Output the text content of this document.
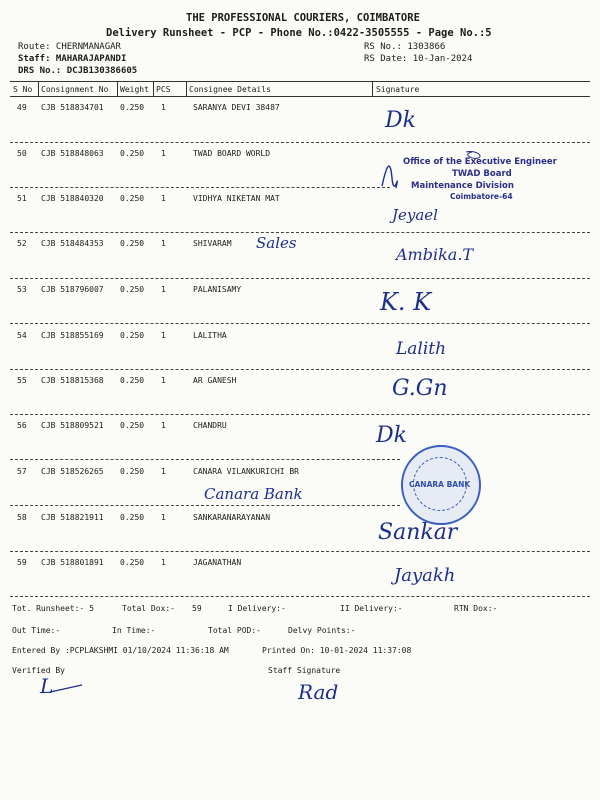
THE PROFESSIONAL COURIERS, COIMBATORE
Delivery Runsheet - PCP - Phone No.:0422-3505555 - Page No.:5
Route: CHERNMANAGAR
Staff: MAHARAJAPANDI
DRS No.: DCJB130386605
RS No.: 1303866
RS Date: 10-Jan-2024
S No Consignment No Weight PCS Consignee Details	Signature
49 CJB 518834701 0.250 1	SARANYA DEVI 38487
Dk
50 CJB 518848063 0.250 1	TWAD BOARD WORLD
Office of the Executive Engineer
TWAD Board
Maintenance Division
Coimbatore-64
51 CJB 518840320 0.250 1	VIDHYA NIKETAN MAT
Jeyael
52 CJB 518484353 0.250 1	SHIVARAM Sales
Ambika.T
53 CJB 518796007 0.250 1	PALANISAMY	K. K
54 CJB 518855169 0.250 1	LALITHA
Lalith
55 CJB 518815368 0.250 1	AR GANESH	G.Gn
56 CJB 518809521 0.250 1	CHANDRU	Dk
57 CJB 518526265 0.250 1	CANARA VILANKURICHI BR
Canara Bank
CANARA BANK
58 CJB 518821911 0.250 1	SANKARANARAYANAN
Sankar
59 CJB 518801891 0.250 1	JAGANATHAN
Jayakh
Tot. Runsheet:- 5	Total Dox:- 59	I Delivery:-	II Delivery:-	RTN Dox:-
Out Time:-	In Time:-	Total POD:-	Delvy Points:-
Entered By :PCPLAKSHMI 01/10/2024 11:36:18 AM	Printed On: 10-01-2024 11:37:08
Verified By	Staff Signature
L	Rad
